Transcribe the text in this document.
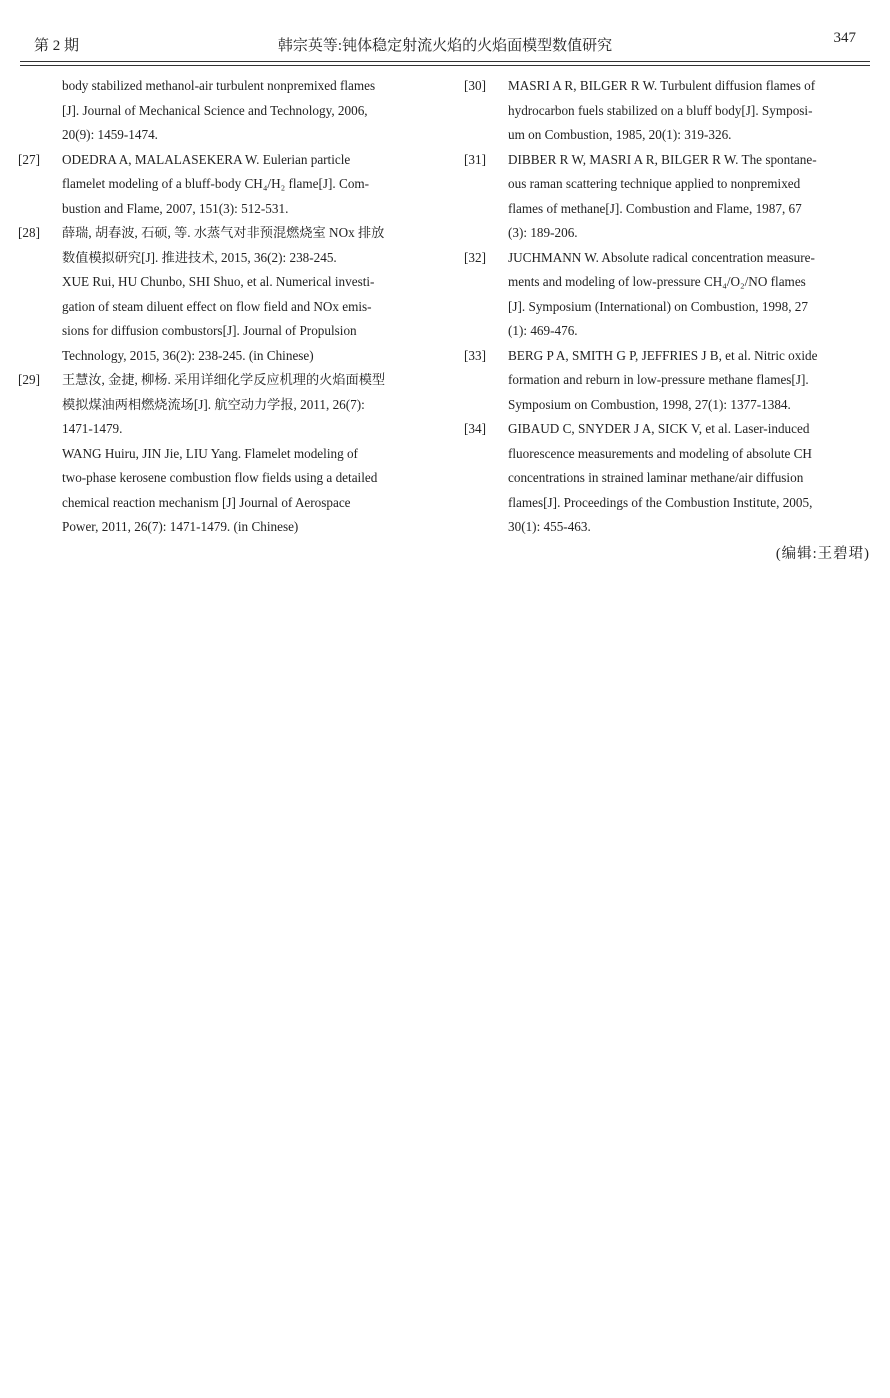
第 2 期	韩宗英等:钝体稳定射流火焰的火焰面模型数值研究	347
body stabilized methanol-air turbulent nonpremixed flames
[J]. Journal of Mechanical Science and Technology, 2006,
20(9): 1459-1474.
[27]	ODEDRA A, MALALASEKERA W. Eulerian particle
flamelet modeling of a bluff-body CH₄/H₂ flame[J]. Com-
bustion and Flame, 2007, 151(3): 512-531.
[28]	薛瑞, 胡春波, 石硕, 等. 水蒸气对非预混燃烧室 NOx 排放
数值模拟研究[J]. 推进技术, 2015, 36(2): 238-245.
XUE Rui, HU Chunbo, SHI Shuo, et al. Numerical investi-
gation of steam diluent effect on flow field and NOx emis-
sions for diffusion combustors[J]. Journal of Propulsion
Technology, 2015, 36(2): 238-245. (in Chinese)
[29]	王慧汝, 金捷, 柳杨. 采用详细化学反应机理的火焰面模型
模拟煤油两相燃烧流场[J]. 航空动力学报, 2011, 26(7):
1471-1479.
WANG Huiru, JIN Jie, LIU Yang. Flamelet modeling of
two-phase kerosene combustion flow fields using a detailed
chemical reaction mechanism [J] Journal of Aerospace
Power, 2011, 26(7): 1471-1479. (in Chinese)
[30]	MASRI A R, BILGER R W. Turbulent diffusion flames of
hydrocarbon fuels stabilized on a bluff body[J]. Symposi-
um on Combustion, 1985, 20(1): 319-326.
[31]	DIBBER R W, MASRI A R, BILGER R W. The spontane-
ous raman scattering technique applied to nonpremixed
flames of methane[J]. Combustion and Flame, 1987, 67
(3): 189-206.
[32]	JUCHMANN W. Absolute radical concentration measure-
ments and modeling of low-pressure CH₄/O₂/NO flames
[J]. Symposium (International) on Combustion, 1998, 27
(1): 469-476.
[33]	BERG P A, SMITH G P, JEFFRIES J B, et al. Nitric oxide
formation and reburn in low-pressure methane flames[J].
Symposium on Combustion, 1998, 27(1): 1377-1384.
[34]	GIBAUD C, SNYDER J A, SICK V, et al. Laser-induced
fluorescence measurements and modeling of absolute CH
concentrations in strained laminar methane/air diffusion
flames[J]. Proceedings of the Combustion Institute, 2005,
30(1): 455-463.
(编辑:王碧珺)
